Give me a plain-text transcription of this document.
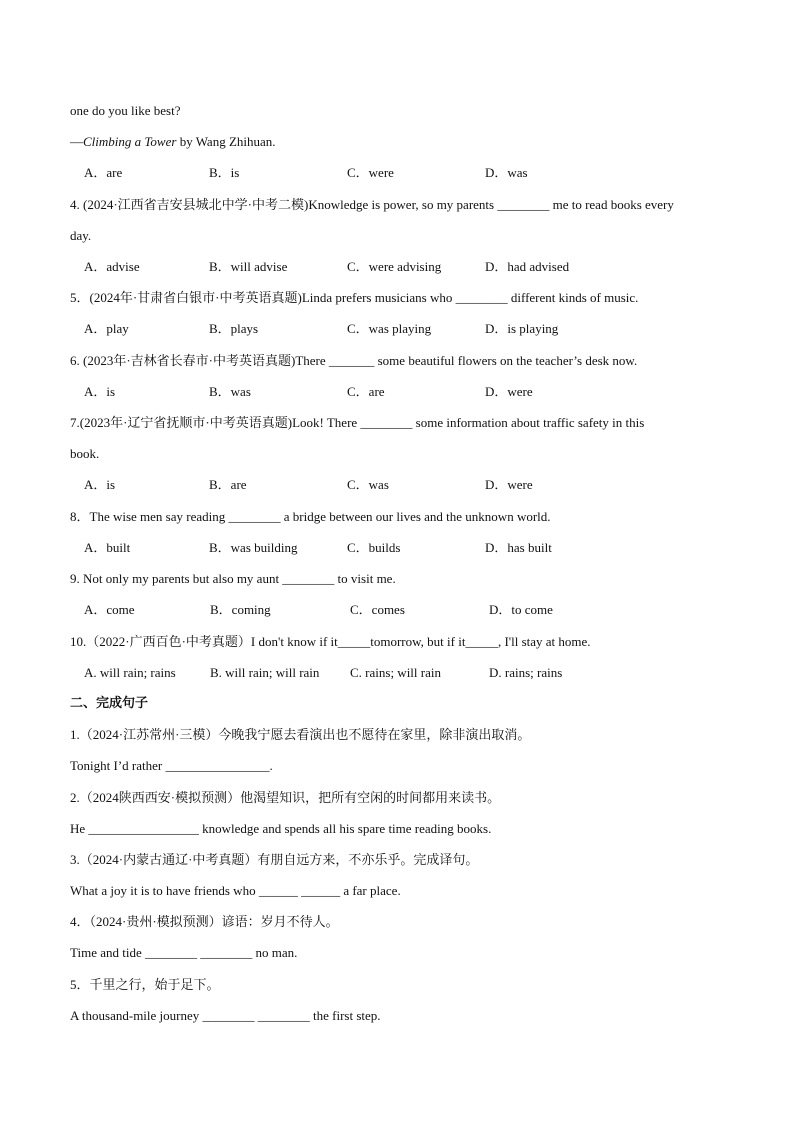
one do you like best?
—Climbing a Tower by Wang Zhihuan.
A．are	B．is	C．were	D．was
4. (2024·江西省吉安县城北中学·中考二模)Knowledge is power, so my parents ________ me to read books every
day.
A．advise	B．will advise	C．were advising	D．had advised
5．(2024年·甘肃省白银市·中考英语真题)Linda prefers musicians who ________ different kinds of music.
A．play	B．plays	C．was playing	D．is playing
6. (2023年·吉林省长春市·中考英语真题)There _______ some beautiful flowers on the teacher’s desk now.
A．is	B．was	C．are	D．were
7.(2023年·辽宁省抚顺市·中考英语真题)Look! There ________ some information about traffic safety in this
book.
A．is	B．are	C．was	D．were
8．The wise men say reading ________ a bridge between our lives and the unknown world.
A．built	B．was building	C．builds	D．has built
9. Not only my parents but also my aunt ________ to visit me.
A．come	B．coming	C．comes	D．to come
10.（2022·广西百色·中考真题）I don't know if it_____tomorrow, but if it_____, I'll stay at home.
A. will rain; rains	B. will rain; will rain C. rains; will rain	D. rains; rains
二、完成句子
1.（2024·江苏常州·三模）今晚我宁愿去看演出也不愿待在家里，除非演出取消。
Tonight I’d rather ________________.
2.（2024陕西西安·模拟预测）他渴望知识，把所有空闲的时间都用来读书。
He _________________ knowledge and spends all his spare time reading books.
3.（2024·内蒙古通辽·中考真题）有朋自远方来，不亦乐乎。完成译句。
What a joy it is to have friends who ______ ______ a far place.
4．（2024·贵州·模拟预测）谚语：岁月不待人。
Time and tide ________ ________ no man.
5．千里之行，始于足下。
A thousand-mile journey ________ ________ the first step.
